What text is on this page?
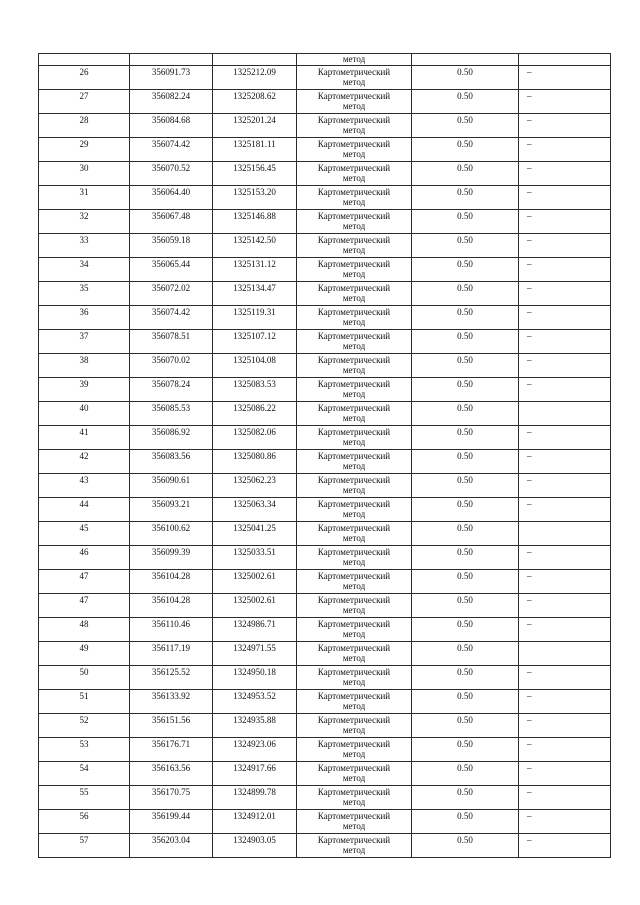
			метод		
26	356091.73	1325212.09	Картометрический
метод	0.50	–
27	356082.24	1325208.62	Картометрический
метод	0.50	–
28	356084.68	1325201.24	Картометрический
метод	0.50	–
29	356074.42	1325181.11	Картометрический
метод	0.50	–
30	356070.52	1325156.45	Картометрический
метод	0.50	–
31	356064.40	1325153.20	Картометрический
метод	0.50	–
32	356067.48	1325146.88	Картометрический
метод	0.50	–
33	356059.18	1325142.50	Картометрический
метод	0.50	–
34	356065.44	1325131.12	Картометрический
метод	0.50	–
35	356072.02	1325134.47	Картометрический
метод	0.50	–
36	356074.42	1325119.31	Картометрический
метод	0.50	–
37	356078.51	1325107.12	Картометрический
метод	0.50	–
38	356070.02	1325104.08	Картометрический
метод	0.50	–
39	356078.24	1325083.53	Картометрический
метод	0.50	–
40	356085.53	1325086.22	Картометрический
метод	0.50	
41	356086.92	1325082.06	Картометрический
метод	0.50	–
42	356083.56	1325080.86	Картометрический
метод	0.50	–
43	356090.61	1325062.23	Картометрический
метод	0.50	–
44	356093.21	1325063.34	Картометрический
метод	0.50	–
45	356100.62	1325041.25	Картометрический
метод	0.50	
46	356099.39	1325033.51	Картометрический
метод	0.50	–
47	356104.28	1325002.61	Картометрический
метод	0.50	–
47	356104.28	1325002.61	Картометрический
метод	0.50	–
48	356110.46	1324986.71	Картометрический
метод	0.50	–
49	356117.19	1324971.55	Картометрический
метод	0.50	
50	356125.52	1324950.18	Картометрический
метод	0.50	–
51	356133.92	1324953.52	Картометрический
метод	0.50	–
52	356151.56	1324935.88	Картометрический
метод	0.50	–
53	356176.71	1324923.06	Картометрический
метод	0.50	–
54	356163.56	1324917.66	Картометрический
метод	0.50	–
55	356170.75	1324899.78	Картометрический
метод	0.50	–
56	356199.44	1324912.01	Картометрический
метод	0.50	–
57	356203.04	1324903.05	Картометрический
метод	0.50	–
